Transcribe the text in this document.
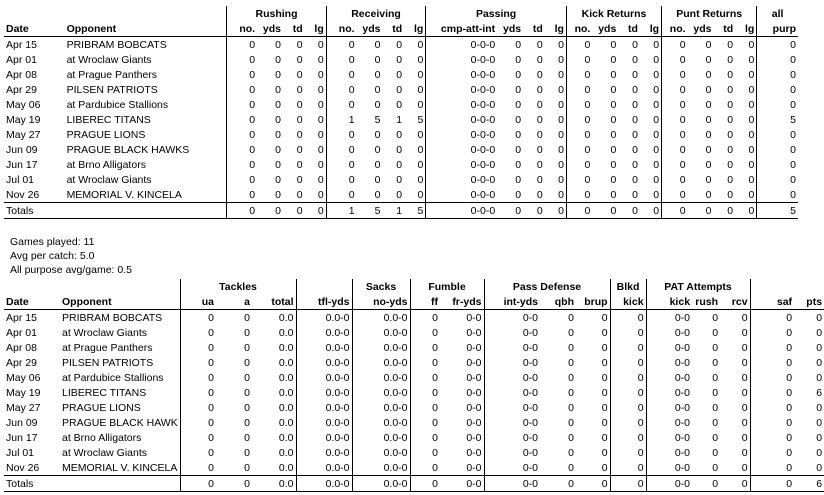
		Rushing				Receiving				Passing				Kick Returns				Punt Returns				all
Date	Opponent	no.	yds	td	lg	no.	yds	td	lg	cmp-att-int	yds	td	lg	no.	yds	td	lg	no.	yds	td	lg	purp
Apr 15	PRIBRAM BOBCATS	0	0	0	0	0	0	0	0	0-0-0	0	0	0	0	0	0	0	0	0	0	0	0
Apr 01	at Wroclaw Giants	0	0	0	0	0	0	0	0	0-0-0	0	0	0	0	0	0	0	0	0	0	0	0
Apr 08	at Prague Panthers	0	0	0	0	0	0	0	0	0-0-0	0	0	0	0	0	0	0	0	0	0	0	0
Apr 29	PILSEN PATRIOTS	0	0	0	0	0	0	0	0	0-0-0	0	0	0	0	0	0	0	0	0	0	0	0
May 06	at Pardubice Stallions	0	0	0	0	0	0	0	0	0-0-0	0	0	0	0	0	0	0	0	0	0	0	0
May 19	LIBEREC TITANS	0	0	0	0	1	5	1	5	0-0-0	0	0	0	0	0	0	0	0	0	0	0	5
May 27	PRAGUE LIONS	0	0	0	0	0	0	0	0	0-0-0	0	0	0	0	0	0	0	0	0	0	0	0
Jun 09	PRAGUE BLACK HAWKS	0	0	0	0	0	0	0	0	0-0-0	0	0	0	0	0	0	0	0	0	0	0	0
Jun 17	at Brno Alligators	0	0	0	0	0	0	0	0	0-0-0	0	0	0	0	0	0	0	0	0	0	0	0
Jul 01	at Wroclaw Giants	0	0	0	0	0	0	0	0	0-0-0	0	0	0	0	0	0	0	0	0	0	0	0
Nov 26	MEMORIAL V. KINCELA	0	0	0	0	0	0	0	0	0-0-0	0	0	0	0	0	0	0	0	0	0	0	0
Totals		0	0	0	0	1	5	1	5	0-0-0	0	0	0	0	0	0	0	0	0	0	0	5
Games played: 11
Avg per catch: 5.0
All purpose avg/game: 0.5
		Tackles				Sacks	Fumble		Pass Defense			Blkd	PAT Attempts				
Date	Opponent	ua	a	total	tfl-yds	no-yds	ff	fr-yds	int-yds	qbh	brup	kick	kick	rush	rcv	saf	pts
Apr 15	PRIBRAM BOBCATS	0	0	0.0	0.0-0	0.0-0	0	0-0	0-0	0	0	0	0-0	0	0	0	0
Apr 01	at Wroclaw Giants	0	0	0.0	0.0-0	0.0-0	0	0-0	0-0	0	0	0	0-0	0	0	0	0
Apr 08	at Prague Panthers	0	0	0.0	0.0-0	0.0-0	0	0-0	0-0	0	0	0	0-0	0	0	0	0
Apr 29	PILSEN PATRIOTS	0	0	0.0	0.0-0	0.0-0	0	0-0	0-0	0	0	0	0-0	0	0	0	0
May 06	at Pardubice Stallions	0	0	0.0	0.0-0	0.0-0	0	0-0	0-0	0	0	0	0-0	0	0	0	0
May 19	LIBEREC TITANS	0	0	0.0	0.0-0	0.0-0	0	0-0	0-0	0	0	0	0-0	0	0	0	6
May 27	PRAGUE LIONS	0	0	0.0	0.0-0	0.0-0	0	0-0	0-0	0	0	0	0-0	0	0	0	0
Jun 09	PRAGUE BLACK HAWK	0	0	0.0	0.0-0	0.0-0	0	0-0	0-0	0	0	0	0-0	0	0	0	0
Jun 17	at Brno Alligators	0	0	0.0	0.0-0	0.0-0	0	0-0	0-0	0	0	0	0-0	0	0	0	0
Jul 01	at Wroclaw Giants	0	0	0.0	0.0-0	0.0-0	0	0-0	0-0	0	0	0	0-0	0	0	0	0
Nov 26	MEMORIAL V. KINCELA	0	0	0.0	0.0-0	0.0-0	0	0-0	0-0	0	0	0	0-0	0	0	0	0
Totals		0	0	0.0	0.0-0	0.0-0	0	0-0	0-0	0	0	0	0-0	0	0	0	6
